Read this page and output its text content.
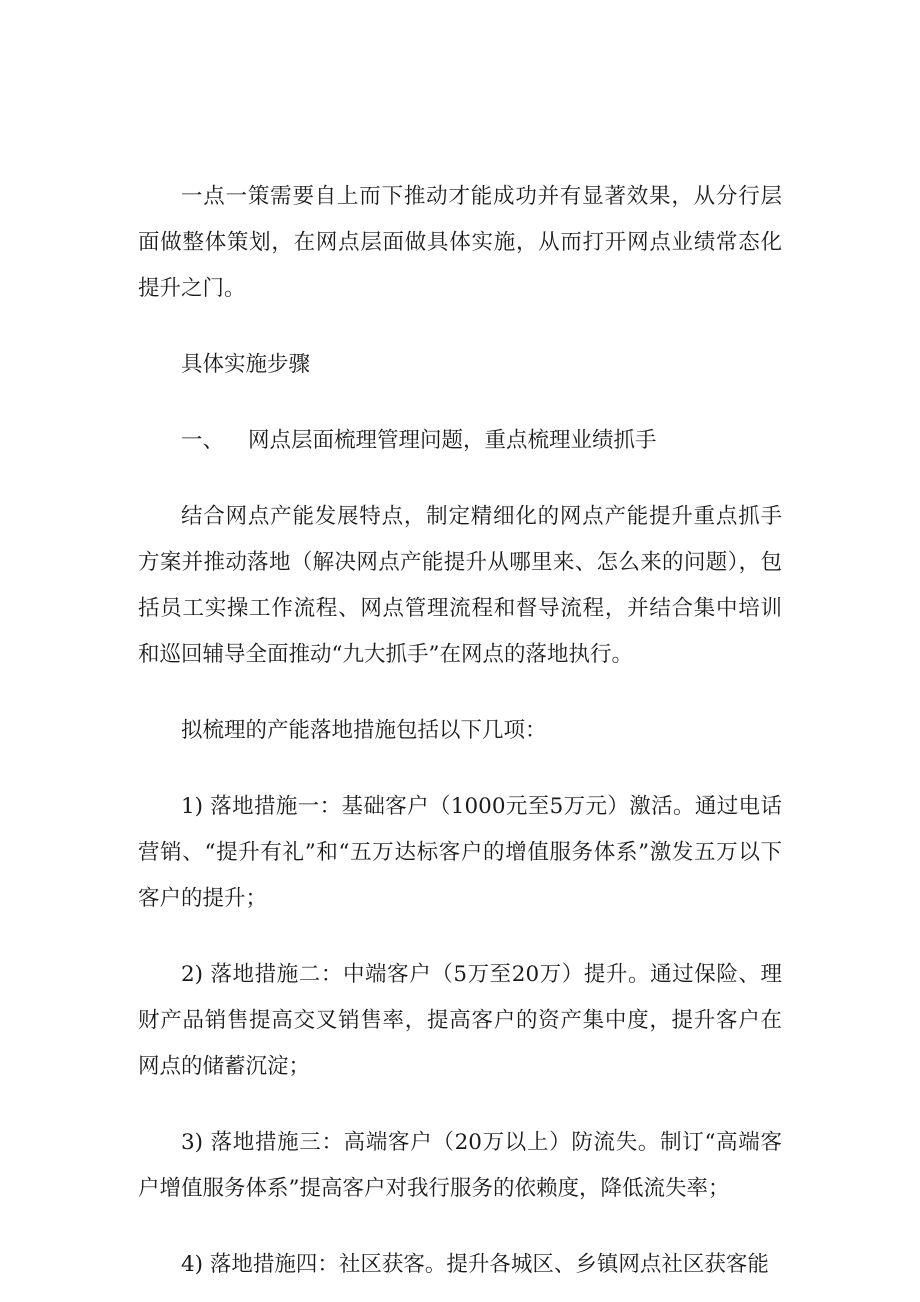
一点一策需要自上而下推动才能成功并有显著效果，从分行层面做整体策划，在网点层面做具体实施，从而打开网点业绩常态化提升之门。

具体实施步骤

一、 网点层面梳理管理问题，重点梳理业绩抓手

结合网点产能发展特点，制定精细化的网点产能提升重点抓手方案并推动落地（解决网点产能提升从哪里来、怎么来的问题），包括员工实操工作流程、网点管理流程和督导流程，并结合集中培训和巡回辅导全面推动“九大抓手”在网点的落地执行。

拟梳理的产能落地措施包括以下几项：

1) 落地措施一：基础客户（1000元至5万元）激活。通过电话营销、“提升有礼”和“五万达标客户的增值服务体系”激发五万以下客户的提升；

2) 落地措施二：中端客户（5万至20万）提升。通过保险、理财产品销售提高交叉销售率，提高客户的资产集中度，提升客户在网点的储蓄沉淀；

3) 落地措施三：高端客户（20万以上）防流失。制订“高端客户增值服务体系”提高客户对我行服务的依赖度，降低流失率；

4) 落地措施四：社区获客。提升各城区、乡镇网点社区获客能
